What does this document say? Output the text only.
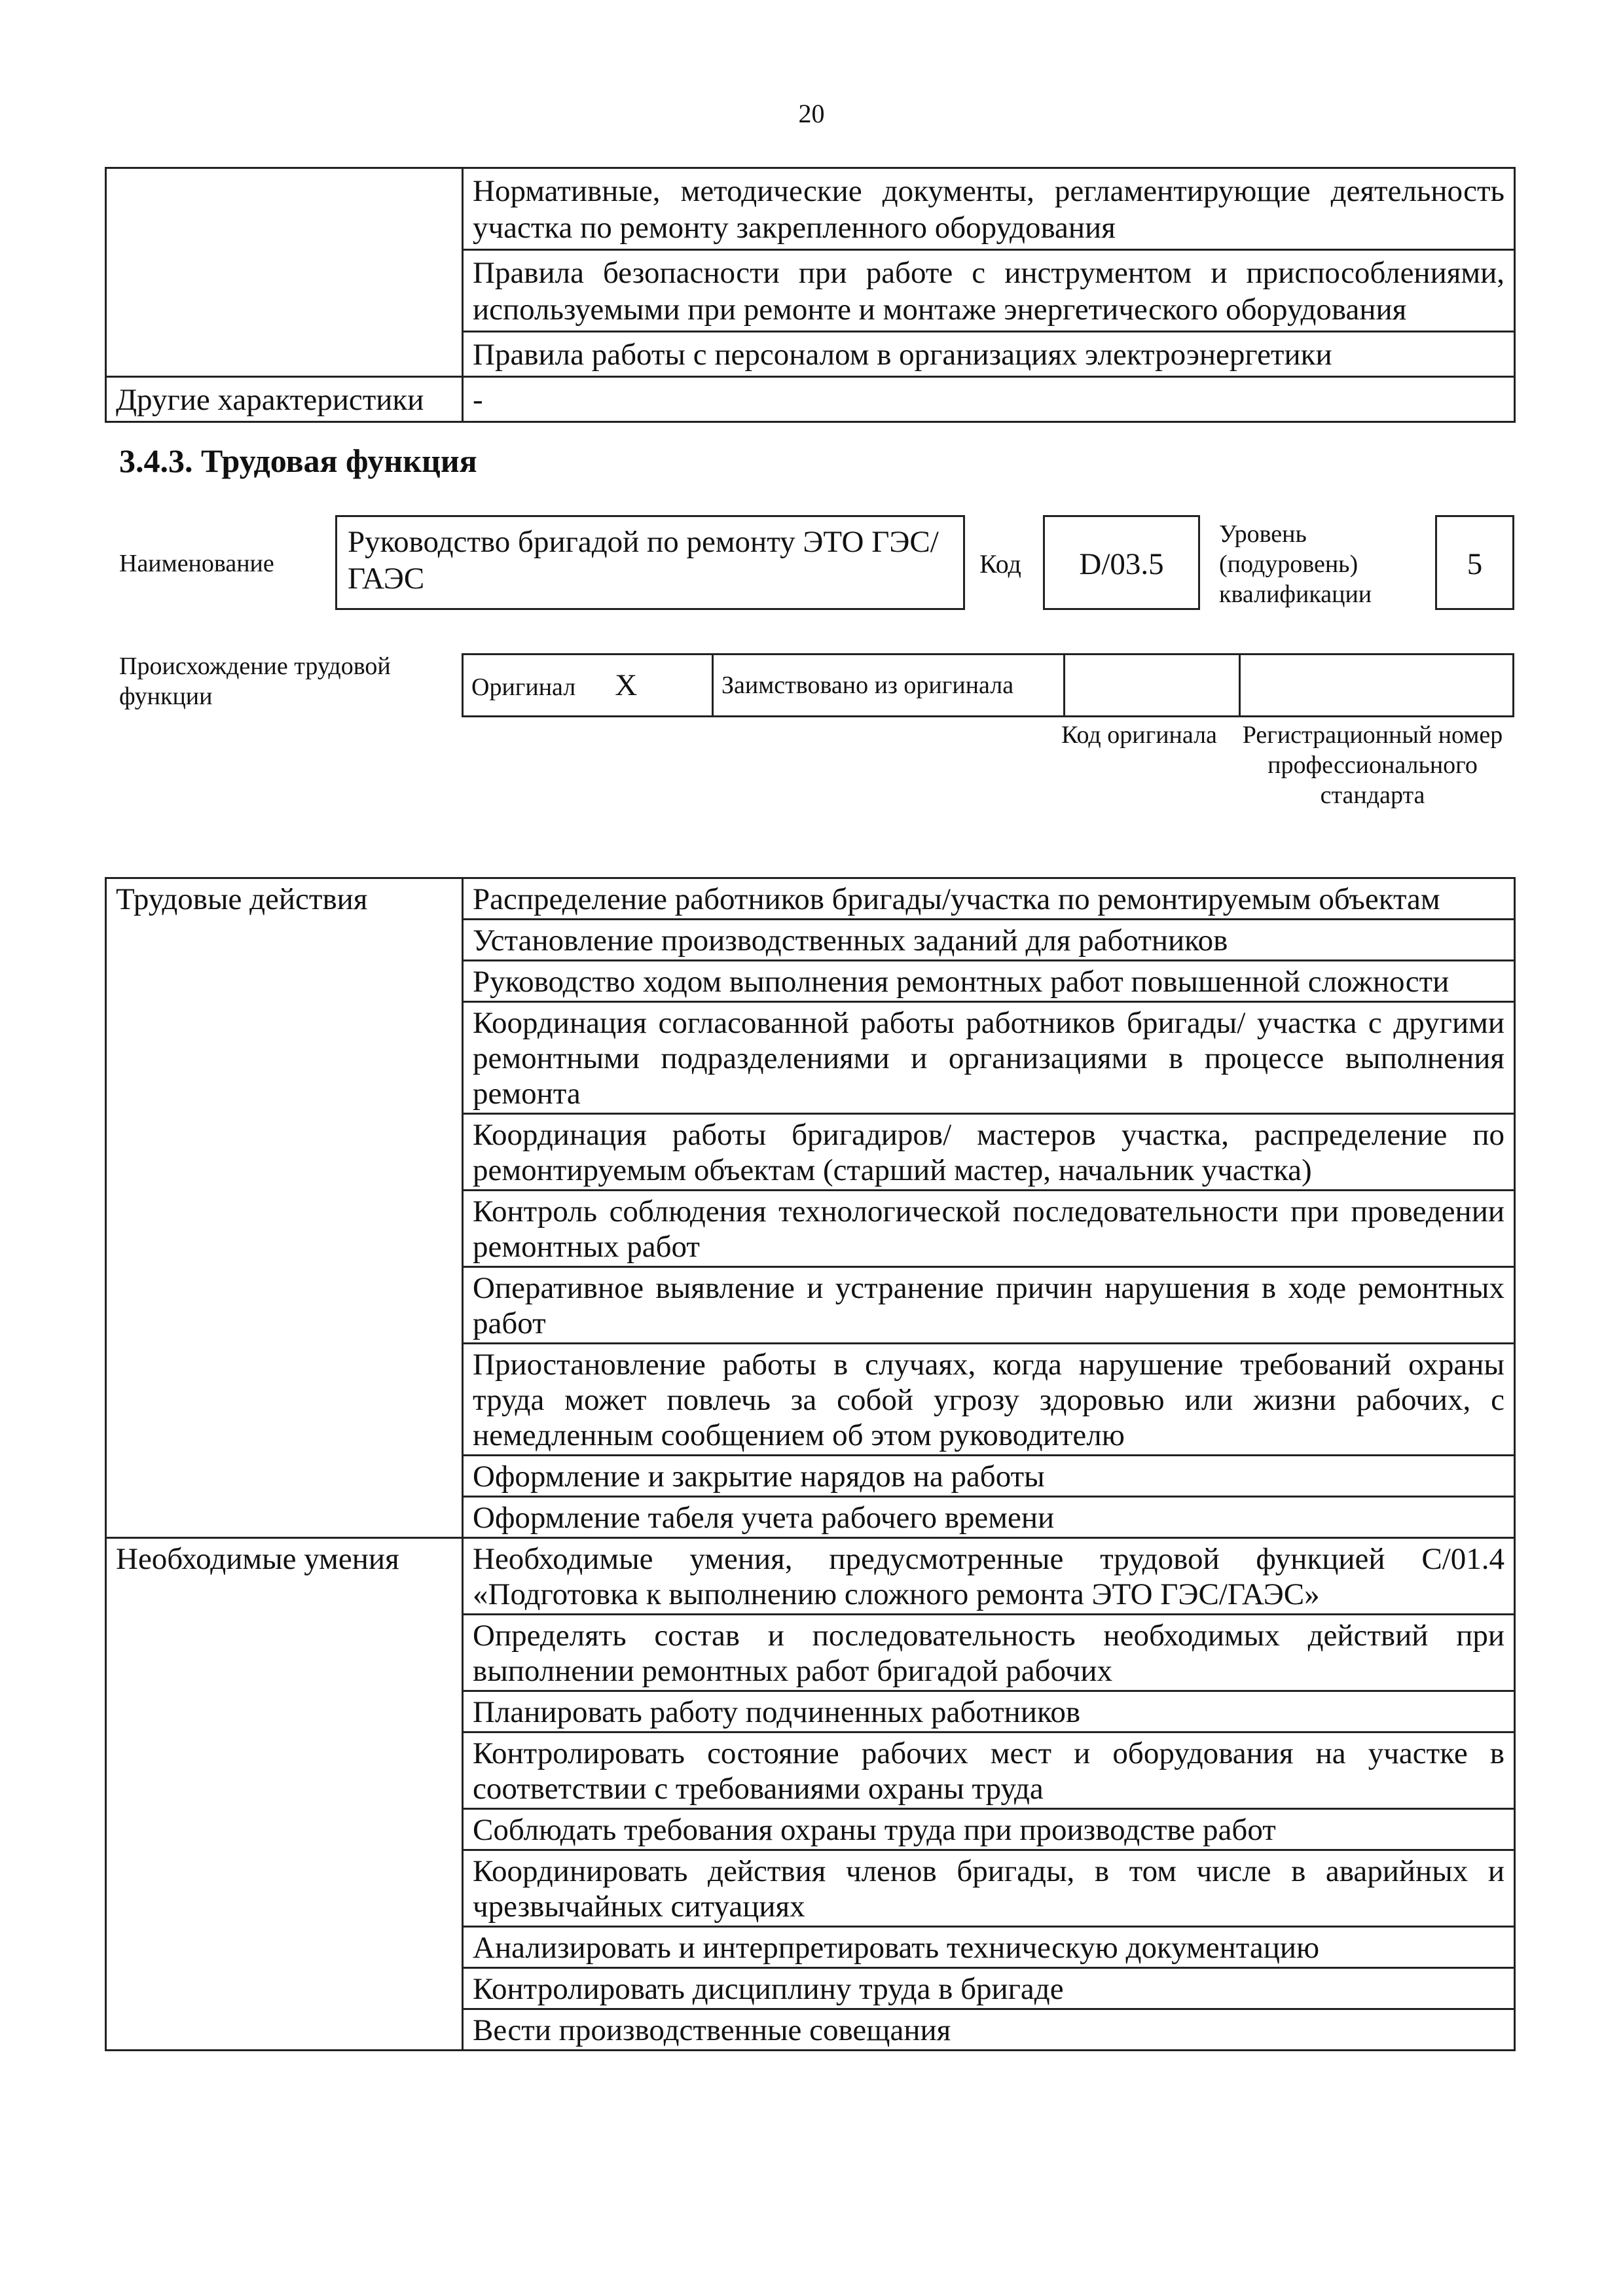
20
	Нормативные, методические документы, регламентирующие деятельность участка по ремонту закрепленного оборудования
	Правила безопасности при работе с инструментом и приспособлениями, используемыми при ремонте и монтаже энергетического оборудования
	Правила работы с персоналом в организациях электроэнергетики
Другие характеристики	-
3.4.3. Трудовая функция
Наименование
Руководство бригадой по ремонту ЭТО ГЭС/ГАЭС	Код	D/03.5
Уровень (подуровень) квалификации
5
Происхождение трудовой функции	Оригинал X	Заимствовано из оригинала		
Код оригинала	Регистрационный номер профессионального стандарта
Трудовые действия	Распределение работников бригады/участка по ремонтируемым объектам
	Установление производственных заданий для работников
	Руководство ходом выполнения ремонтных работ повышенной сложности
	Координация согласованной работы работников бригады/ участка с другими ремонтными подразделениями и организациями в процессе выполнения ремонта
	Координация работы бригадиров/ мастеров участка, распределение по ремонтируемым объектам (старший мастер, начальник участка)
	Контроль соблюдения технологической последовательности при проведении ремонтных работ
	Оперативное выявление и устранение причин нарушения в ходе ремонтных работ
	Приостановление работы в случаях, когда нарушение требований охраны труда может повлечь за собой угрозу здоровью или жизни рабочих, с немедленным сообщением об этом руководителю
	Оформление и закрытие нарядов на работы
	Оформление табеля учета рабочего времени
Необходимые умения	Необходимые умения, предусмотренные трудовой функцией C/01.4 «Подготовка к выполнению сложного ремонта ЭТО ГЭС/ГАЭС»
	Определять состав и последовательность необходимых действий при выполнении ремонтных работ бригадой рабочих
	Планировать работу подчиненных работников
	Контролировать состояние рабочих мест и оборудования на участке в соответствии с требованиями охраны труда
	Соблюдать требования охраны труда при производстве работ
	Координировать действия членов бригады, в том числе в аварийных и чрезвычайных ситуациях
	Анализировать и интерпретировать техническую документацию
	Контролировать дисциплину труда в бригаде
	Вести производственные совещания
